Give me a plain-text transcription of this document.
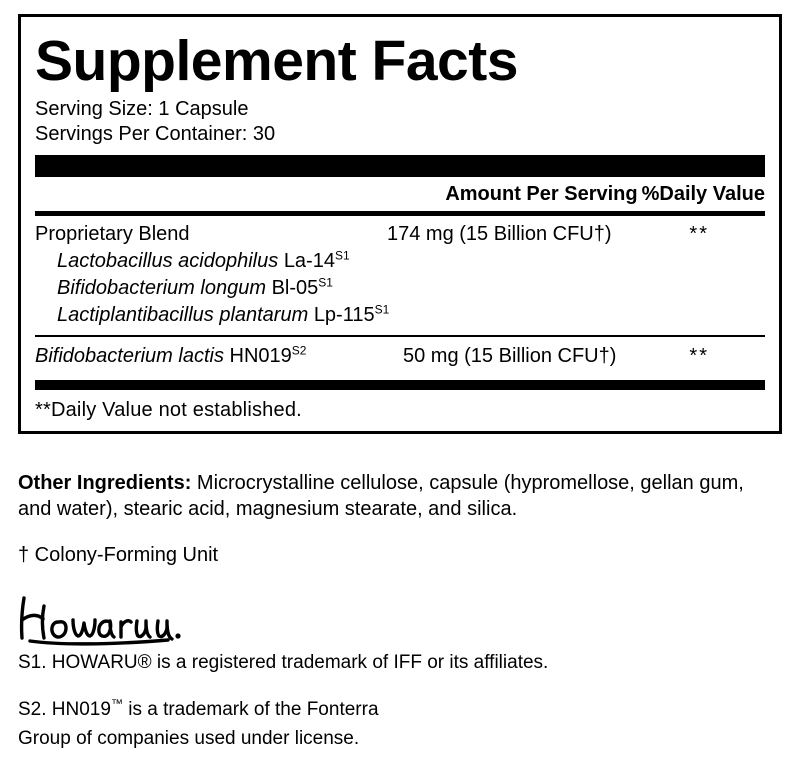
Supplement Facts
Serving Size: 1 Capsule
Servings Per Container: 30
Amount Per Serving %Daily Value
Proprietary Blend	174 mg (15 Billion CFU†)	**
Lactobacillus acidophilus $La-14^{S1}$
Bifidobacterium longum $Bl-05^{S1}$
Lactiplantibacillus plantarum $Lp-115^{S1}$
Bifidobacterium lactis $HN019^{S2}$	50 mg (15 Billion CFU†)	**
**Daily Value not established.
Other Ingredients: Microcrystalline cellulose, capsule (hypromellose, gellan gum, and water), stearic acid, magnesium stearate, and silica.
† Colony-Forming Unit
S1. HOWARU® is a registered trademark of IFF or its affiliates.
S2. HN019™ is a trademark of the Fonterra
Group of companies used under license.
